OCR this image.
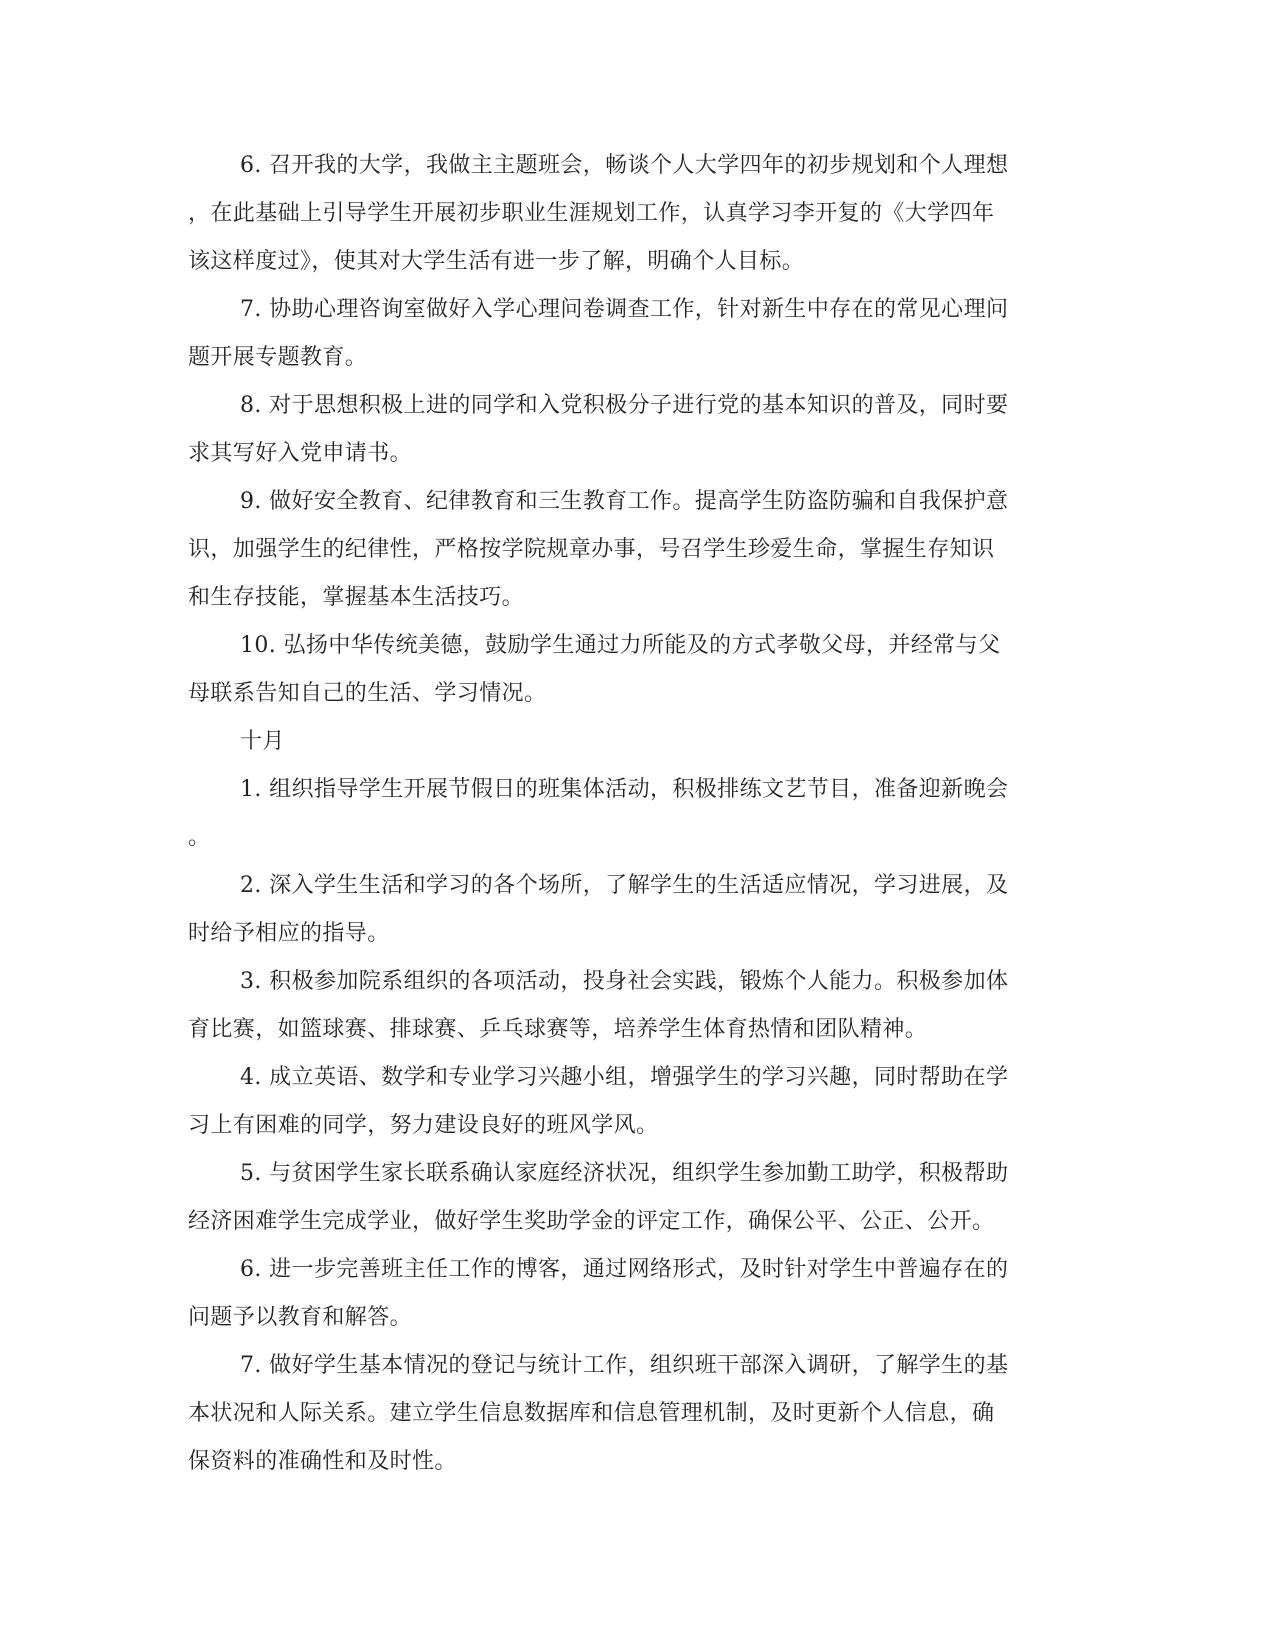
6. 召开我的大学，我做主主题班会，畅谈个人大学四年的初步规划和个人理想
，在此基础上引导学生开展初步职业生涯规划工作，认真学习李开复的《大学四年
该这样度过》，使其对大学生活有进一步了解，明确个人目标。

7. 协助心理咨询室做好入学心理问卷调查工作，针对新生中存在的常见心理问
题开展专题教育。

8. 对于思想积极上进的同学和入党积极分子进行党的基本知识的普及，同时要
求其写好入党申请书。

9. 做好安全教育、纪律教育和三生教育工作。提高学生防盗防骗和自我保护意
识，加强学生的纪律性，严格按学院规章办事，号召学生珍爱生命，掌握生存知识
和生存技能，掌握基本生活技巧。

10. 弘扬中华传统美德，鼓励学生通过力所能及的方式孝敬父母，并经常与父
母联系告知自己的生活、学习情况。

十月

1. 组织指导学生开展节假日的班集体活动，积极排练文艺节目，准备迎新晚会
。

2. 深入学生生活和学习的各个场所，了解学生的生活适应情况，学习进展，及
时给予相应的指导。

3. 积极参加院系组织的各项活动，投身社会实践，锻炼个人能力。积极参加体
育比赛，如篮球赛、排球赛、乒乓球赛等，培养学生体育热情和团队精神。

4. 成立英语、数学和专业学习兴趣小组，增强学生的学习兴趣，同时帮助在学
习上有困难的同学，努力建设良好的班风学风。

5. 与贫困学生家长联系确认家庭经济状况，组织学生参加勤工助学，积极帮助
经济困难学生完成学业，做好学生奖助学金的评定工作，确保公平、公正、公开。

6. 进一步完善班主任工作的博客，通过网络形式，及时针对学生中普遍存在的
问题予以教育和解答。

7. 做好学生基本情况的登记与统计工作，组织班干部深入调研，了解学生的基
本状况和人际关系。建立学生信息数据库和信息管理机制，及时更新个人信息，确
保资料的准确性和及时性。
